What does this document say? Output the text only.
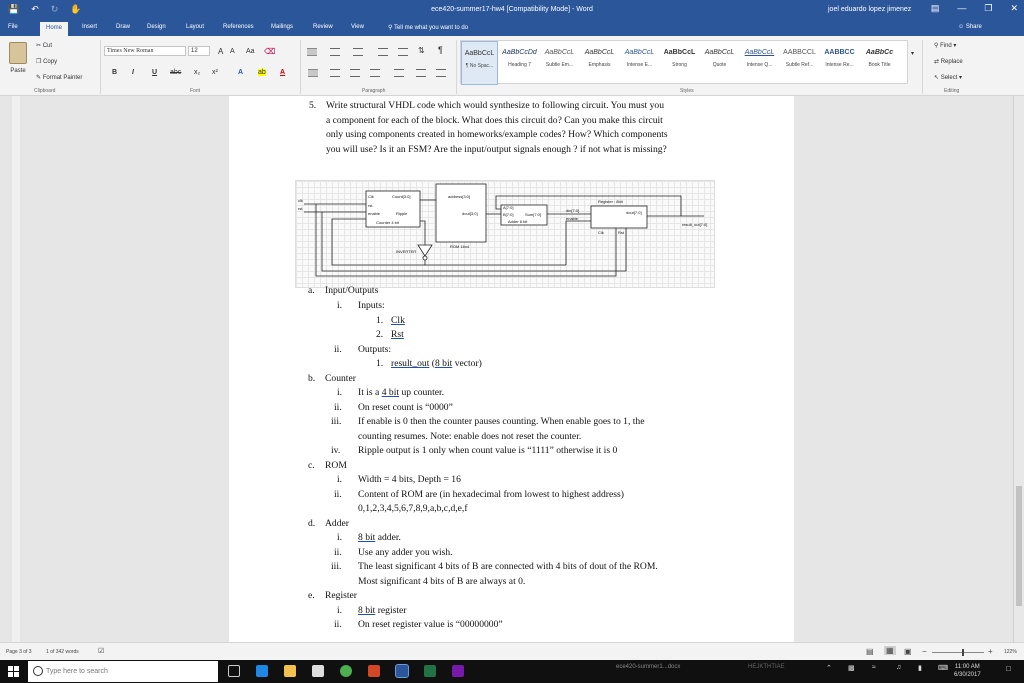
💾 ↶ ↻ ✋	ece420-summer17-hw4 [Compatibility Mode] - Word	joel eduardo lopez jimenez ▤ — ❐ ✕
File	Home	Insert	Draw	Design	Layout	References	Mailings	Review	View	⚲ Tell me what you want to do	☺ Share
Paste
✂ Cut
❐ Copy
✎ Format Painter
Clipboard
Times New Roman	12	A A Aa ⌫
B I	U abc x₂ x²	A ab A
Font
⇅ ¶
Paragraph
AaBbCcL
¶ No Spac...
AaBbCcDd
Heading 7
AaBbCcL
Subtle Em...
AaBbCcL
Emphasis
AaBbCcL
Intense E...
AaBbCcL
Strong
AaBbCcL
Quote
AaBbCcL
Intense Q...
AABBCCL
Subtle Ref...
AABBCC
Intense Re...
AaBbCc
Book Title
▾
Styles
⚲ Find ▾
⇄ Replace
↖ Select ▾
Editing
5. Write structural VHDL code which would synthesize to following circuit. You must you
a component for each of the block. What does this circuit do? Can you make this circuit
only using components created in homeworks/example codes? How? Which components
you will use? Is it an FSM? Are the input/output signals enough ? if not what is missing?
clk
rst
Clk
rst
enable
Count[3:0]
Ripple
Counter 4 bit
address[3:0]
dout[3:0]
ROM 16x4
INVERTER
A[7:0]
B[7:0]	Sum[7:0]
Adder 8 bit
Register : 8bit
din[7:0]
enable
dout[7:0]
Clk	Rst
result_out[7:0]
a. Input/Outputs
i. Inputs:
1. Clk
2. Rst
ii. Outputs:
1. result_out (8 bit vector)
b. Counter
i. It is a 4 bit up counter.
ii. On reset count is “0000”
iii. If enable is 0 then the counter pauses counting. When enable goes to 1, the
counting resumes. Note: enable does not reset the counter.
iv. Ripple output is 1 only when count value is “1111” otherwise it is 0
c. ROM
i. Width = 4 bits, Depth = 16
ii. Content of ROM are (in hexadecimal from lowest to highest address)
0,1,2,3,4,5,6,7,8,9,a,b,c,d,e,f
d. Adder
i. 8 bit adder.
ii. Use any adder you wish.
iii. The least significant 4 bits of B are connected with 4 bits of dout of the ROM.
Most significant 4 bits of B are always at 0.
e. Register
i. 8 bit register
ii. On reset register value is “00000000”
Page 3 of 3	1 of 342 words	☑	▤ ▦ ▣ −	+ 122%
Type here to search
ece420-summer1...docx	HEJKTHTIAE	⌃ ▩ ≈	♫ ▮ ⌨ 11:00 AM
6/30/2017
□
